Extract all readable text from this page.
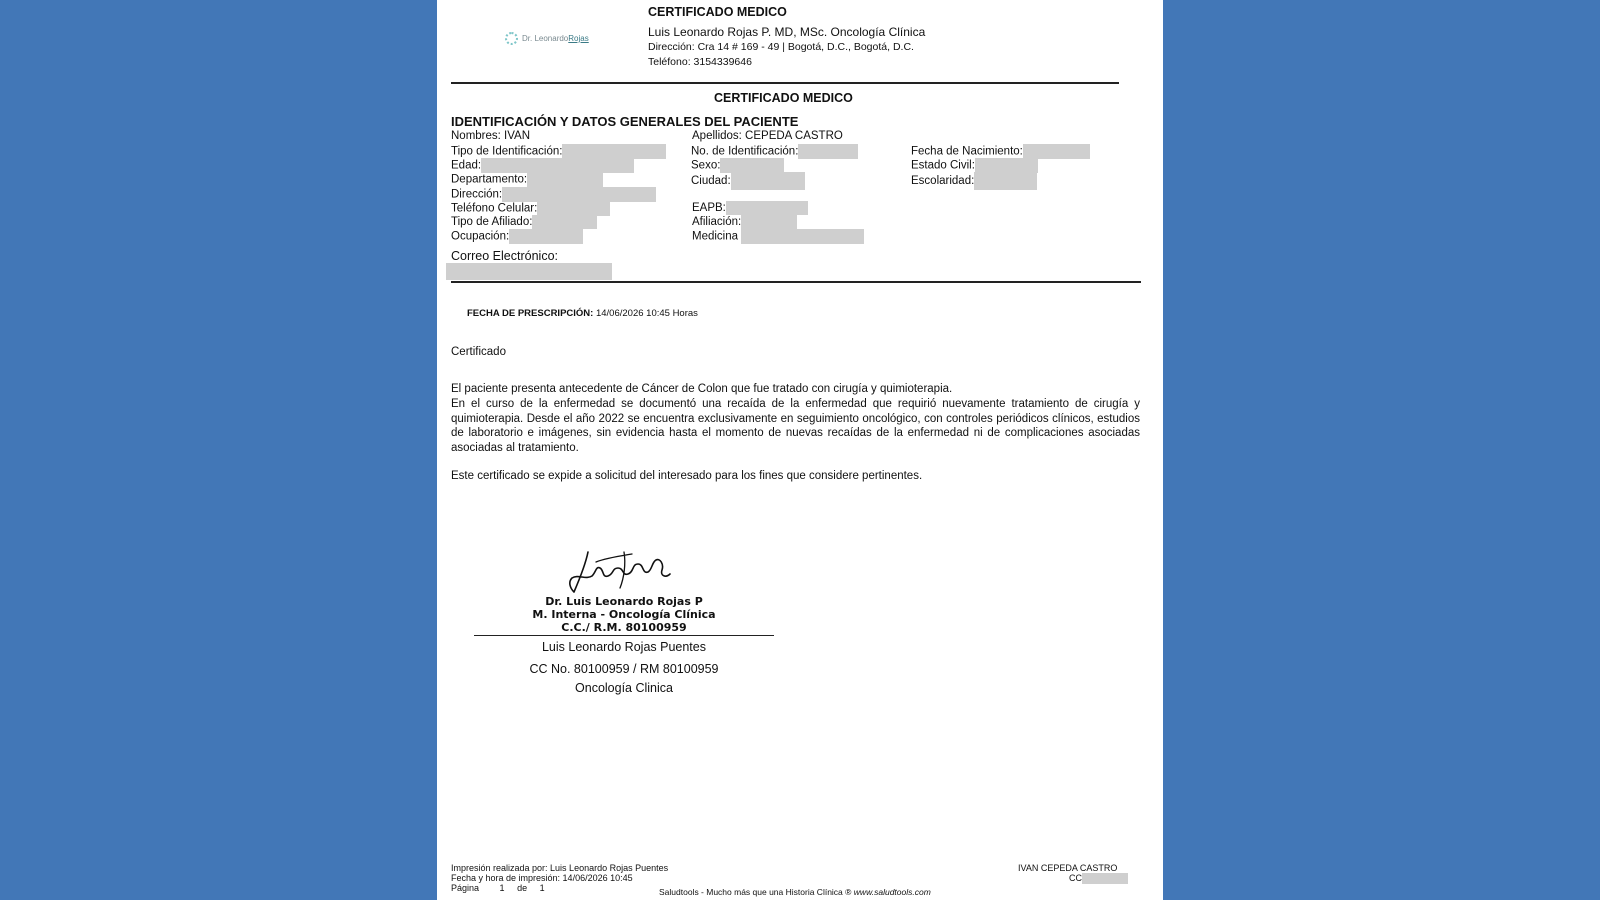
Dr. LeonardoRojas
CERTIFICADO MEDICO
Luis Leonardo Rojas P. MD, MSc. Oncología Clínica
Dirección: Cra 14 # 169 - 49 | Bogotá, D.C., Bogotá, D.C.
Teléfono: 3154339646
CERTIFICADO MEDICO
IDENTIFICACIÓN Y DATOS GENERALES DEL PACIENTE
Nombres: IVAN	Apellidos: CEPEDA CASTRO
Tipo de Identificación:	No. de Identificación:	Fecha de Nacimiento:
Edad:	Sexo:	Estado Civil:
Departamento:	Ciudad:	Escolaridad:
Dirección:
Teléfono Celular:	EAPB:
Tipo de Afiliado:	Afiliación:
Ocupación:	Medicina
Correo Electrónico:
FECHA DE PRESCRIPCIÓN: 14/06/2026 10:45 Horas
Certificado
El paciente presenta antecedente de Cáncer de Colon que fue tratado con cirugía y quimioterapia.
En el curso de la enfermedad se documentó una recaída de la enfermedad que requirió nuevamente tratamiento de cirugía y quimioterapia. Desde el año 2022 se encuentra exclusivamente en seguimiento oncológico, con controles periódicos clínicos, estudios de laboratorio e imágenes, sin evidencia hasta el momento de nuevas recaídas de la enfermedad ni de complicaciones asociadas asociadas al tratamiento.
Este certificado se expide a solicitud del interesado para los fines que considere pertinentes.
Dr. Luis Leonardo Rojas P
M. Interna - Oncología Clínica
C.C./ R.M. 80100959
Luis Leonardo Rojas Puentes
CC No. 80100959 / RM 80100959
Oncología Clinica
Impresión realizada por: Luis Leonardo Rojas Puentes
Fecha y hora de impresión: 14/06/2026 10:45
Página 1 de 1	Saludtools - Mucho más que una Historia Clínica ® www.saludtools.com
IVAN CEPEDA CASTRO
CC
